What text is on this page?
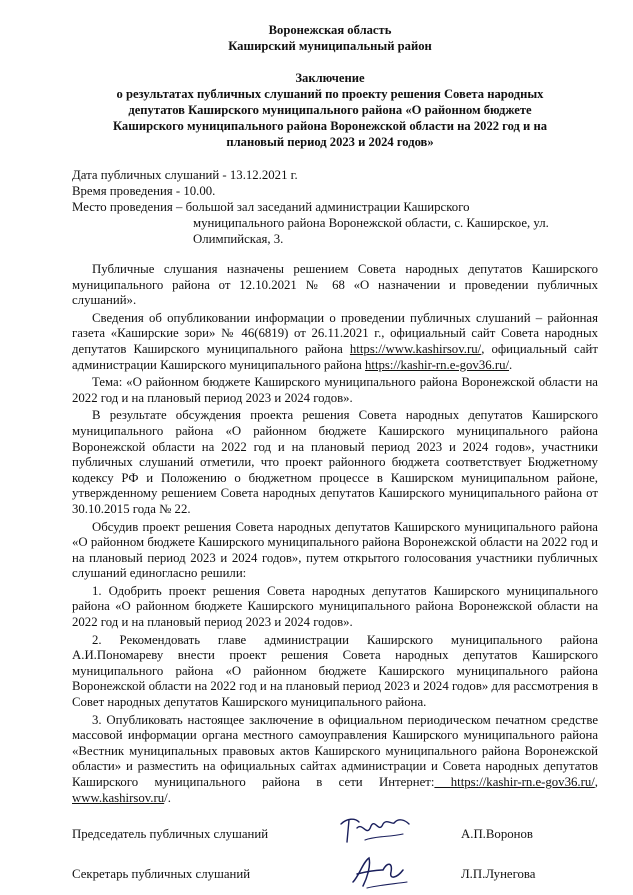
Воронежская область
Каширский муниципальный район
Заключение
о результатах публичных слушаний по проекту решения Совета народных
депутатов Каширского муниципального района «О районном бюджете
Каширского муниципального района Воронежской области на 2022 год и на
плановый период 2023 и 2024 годов»
Дата публичных слушаний - 13.12.2021 г.
Время проведения - 10.00.
Место проведения – большой зал заседаний администрации Каширского
муниципального района Воронежской области, с. Каширское, ул.
Олимпийская, 3.

Публичные слушания назначены решением Совета народных депутатов Каширского муниципального района от 12.10.2021 № 68 «О назначении и проведении публичных слушаний».

Сведения об опубликовании информации о проведении публичных слушаний – районная газета «Каширские зори» № 46(6819) от 26.11.2021 г., официальный сайт Совета народных депутатов Каширского муниципального района https://www.kashirsov.ru/, официальный сайт администрации Каширского муниципального района https://kashir-rn.e-gov36.ru/.

Тема: «О районном бюджете Каширского муниципального района Воронежской области на 2022 год и на плановый период 2023 и 2024 годов».

В результате обсуждения проекта решения Совета народных депутатов Каширского муниципального района «О районном бюджете Каширского муниципального района Воронежской области на 2022 год и на плановый период 2023 и 2024 годов», участники публичных слушаний отметили, что проект районного бюджета соответствует Бюджетному кодексу РФ и Положению о бюджетном процессе в Каширском муниципальном районе, утвержденному решением Совета народных депутатов Каширского муниципального района от 30.10.2015 года № 22.

Обсудив проект решения Совета народных депутатов Каширского муниципального района «О районном бюджете Каширского муниципального района Воронежской области на 2022 год и на плановый период 2023 и 2024 годов», путем открытого голосования участники публичных слушаний единогласно решили:

1. Одобрить проект решения Совета народных депутатов Каширского муниципального района «О районном бюджете Каширского муниципального района Воронежской области на 2022 год и на плановый период 2023 и 2024 годов».

2. Рекомендовать главе администрации Каширского муниципального района А.И.Пономареву внести проект решения Совета народных депутатов Каширского муниципального района «О районном бюджете Каширского муниципального района Воронежской области на 2022 год и на плановый период 2023 и 2024 годов» для рассмотрения в Совет народных депутатов Каширского муниципального района.

3. Опубликовать настоящее заключение в официальном периодическом печатном средстве массовой информации органа местного самоуправления Каширского муниципального района «Вестник муниципальных правовых актов Каширского муниципального района Воронежской области» и разместить на официальных сайтах администрации и Совета народных депутатов Каширского муниципального района в сети Интернет: https://kashir-rn.e-gov36.ru/, www.kashirsov.ru/.

Председатель публичных слушаний	А.П.Воронов
Секретарь публичных слушаний	Л.П.Лунегова
